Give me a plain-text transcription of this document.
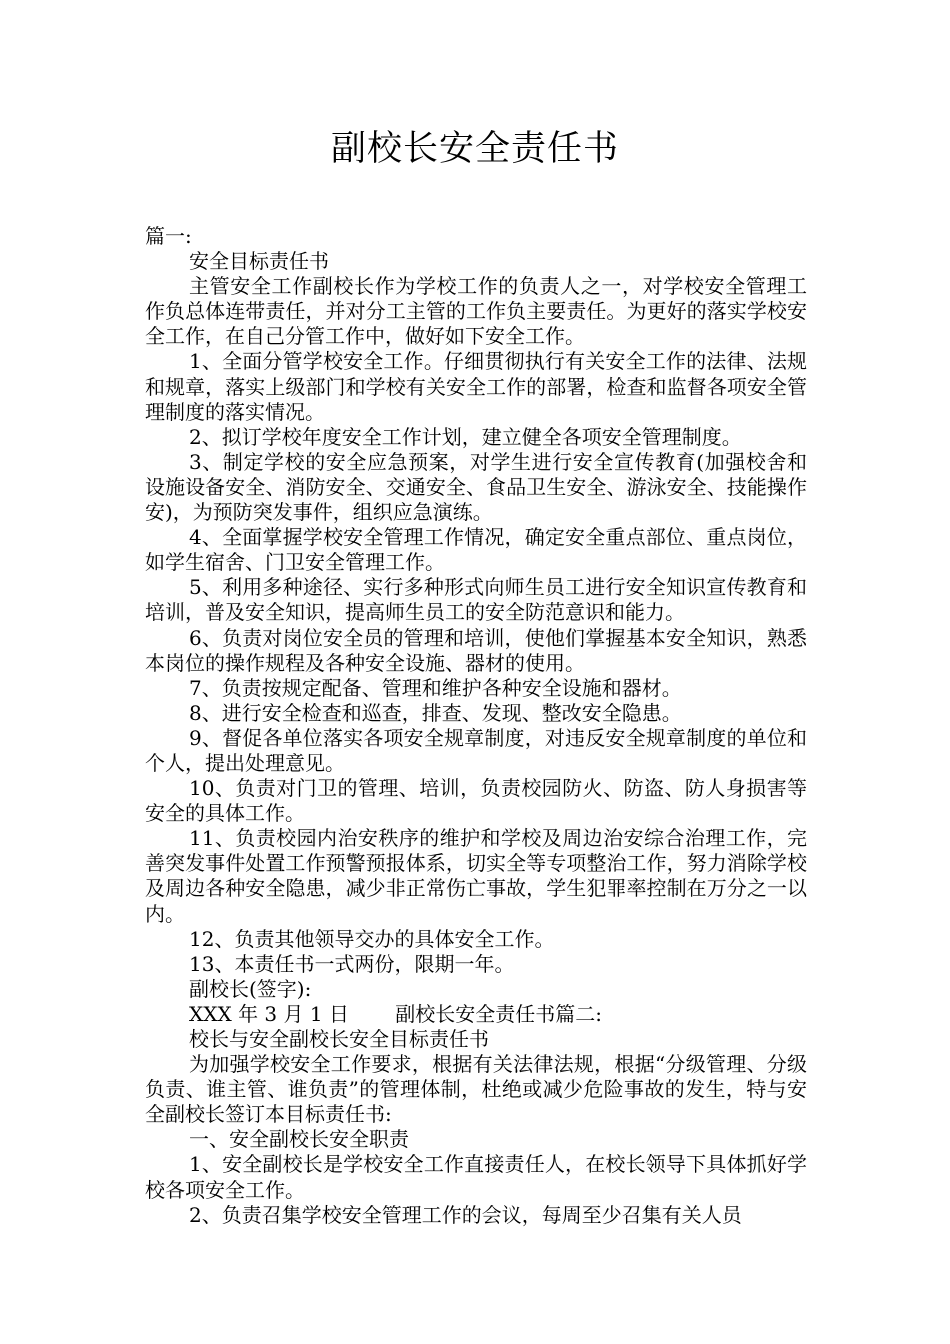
副校长安全责任书

篇一:

安全目标责任书

主管安全工作副校长作为学校工作的负责人之一，对学校安全管理工作负总体连带责任，并对分工主管的工作负主要责任。为更好的落实学校安全工作，在自己分管工作中，做好如下安全工作。

1、全面分管学校安全工作。仔细贯彻执行有关安全工作的法律、法规和规章，落实上级部门和学校有关安全工作的部署，检查和监督各项安全管理制度的落实情况。

2、拟订学校年度安全工作计划，建立健全各项安全管理制度。

3、制定学校的安全应急预案，对学生进行安全宣传教育(加强校舍和设施设备安全、消防安全、交通安全、食品卫生安全、游泳安全、技能操作安)，为预防突发事件，组织应急演练。

4、全面掌握学校安全管理工作情况，确定安全重点部位、重点岗位，如学生宿舍、门卫安全管理工作。

5、利用多种途径、实行多种形式向师生员工进行安全知识宣传教育和培训，普及安全知识，提高师生员工的安全防范意识和能力。

6、负责对岗位安全员的管理和培训，使他们掌握基本安全知识，熟悉本岗位的操作规程及各种安全设施、器材的使用。

7、负责按规定配备、管理和维护各种安全设施和器材。

8、进行安全检查和巡查，排查、发现、整改安全隐患。

9、督促各单位落实各项安全规章制度，对违反安全规章制度的单位和个人，提出处理意见。

10、负责对门卫的管理、培训，负责校园防火、防盗、防人身损害等安全的具体工作。

11、负责校园内治安秩序的维护和学校及周边治安综合治理工作，完善突发事件处置工作预警预报体系，切实全等专项整治工作，努力消除学校及周边各种安全隐患，减少非正常伤亡事故，学生犯罪率控制在万分之一以内。

12、负责其他领导交办的具体安全工作。

13、本责任书一式两份，限期一年。

副校长(签字):

XXX 年 3 月 1 日　　 副校长安全责任书篇二:

校长与安全副校长安全目标责任书

为加强学校安全工作要求，根据有关法律法规，根据“分级管理、分级负责、谁主管、谁负责”的管理体制，杜绝或减少危险事故的发生，特与安全副校长签订本目标责任书:

一、安全副校长安全职责

1、安全副校长是学校安全工作直接责任人，在校长领导下具体抓好学校各项安全工作。

2、负责召集学校安全管理工作的会议，每周至少召集有关人员
